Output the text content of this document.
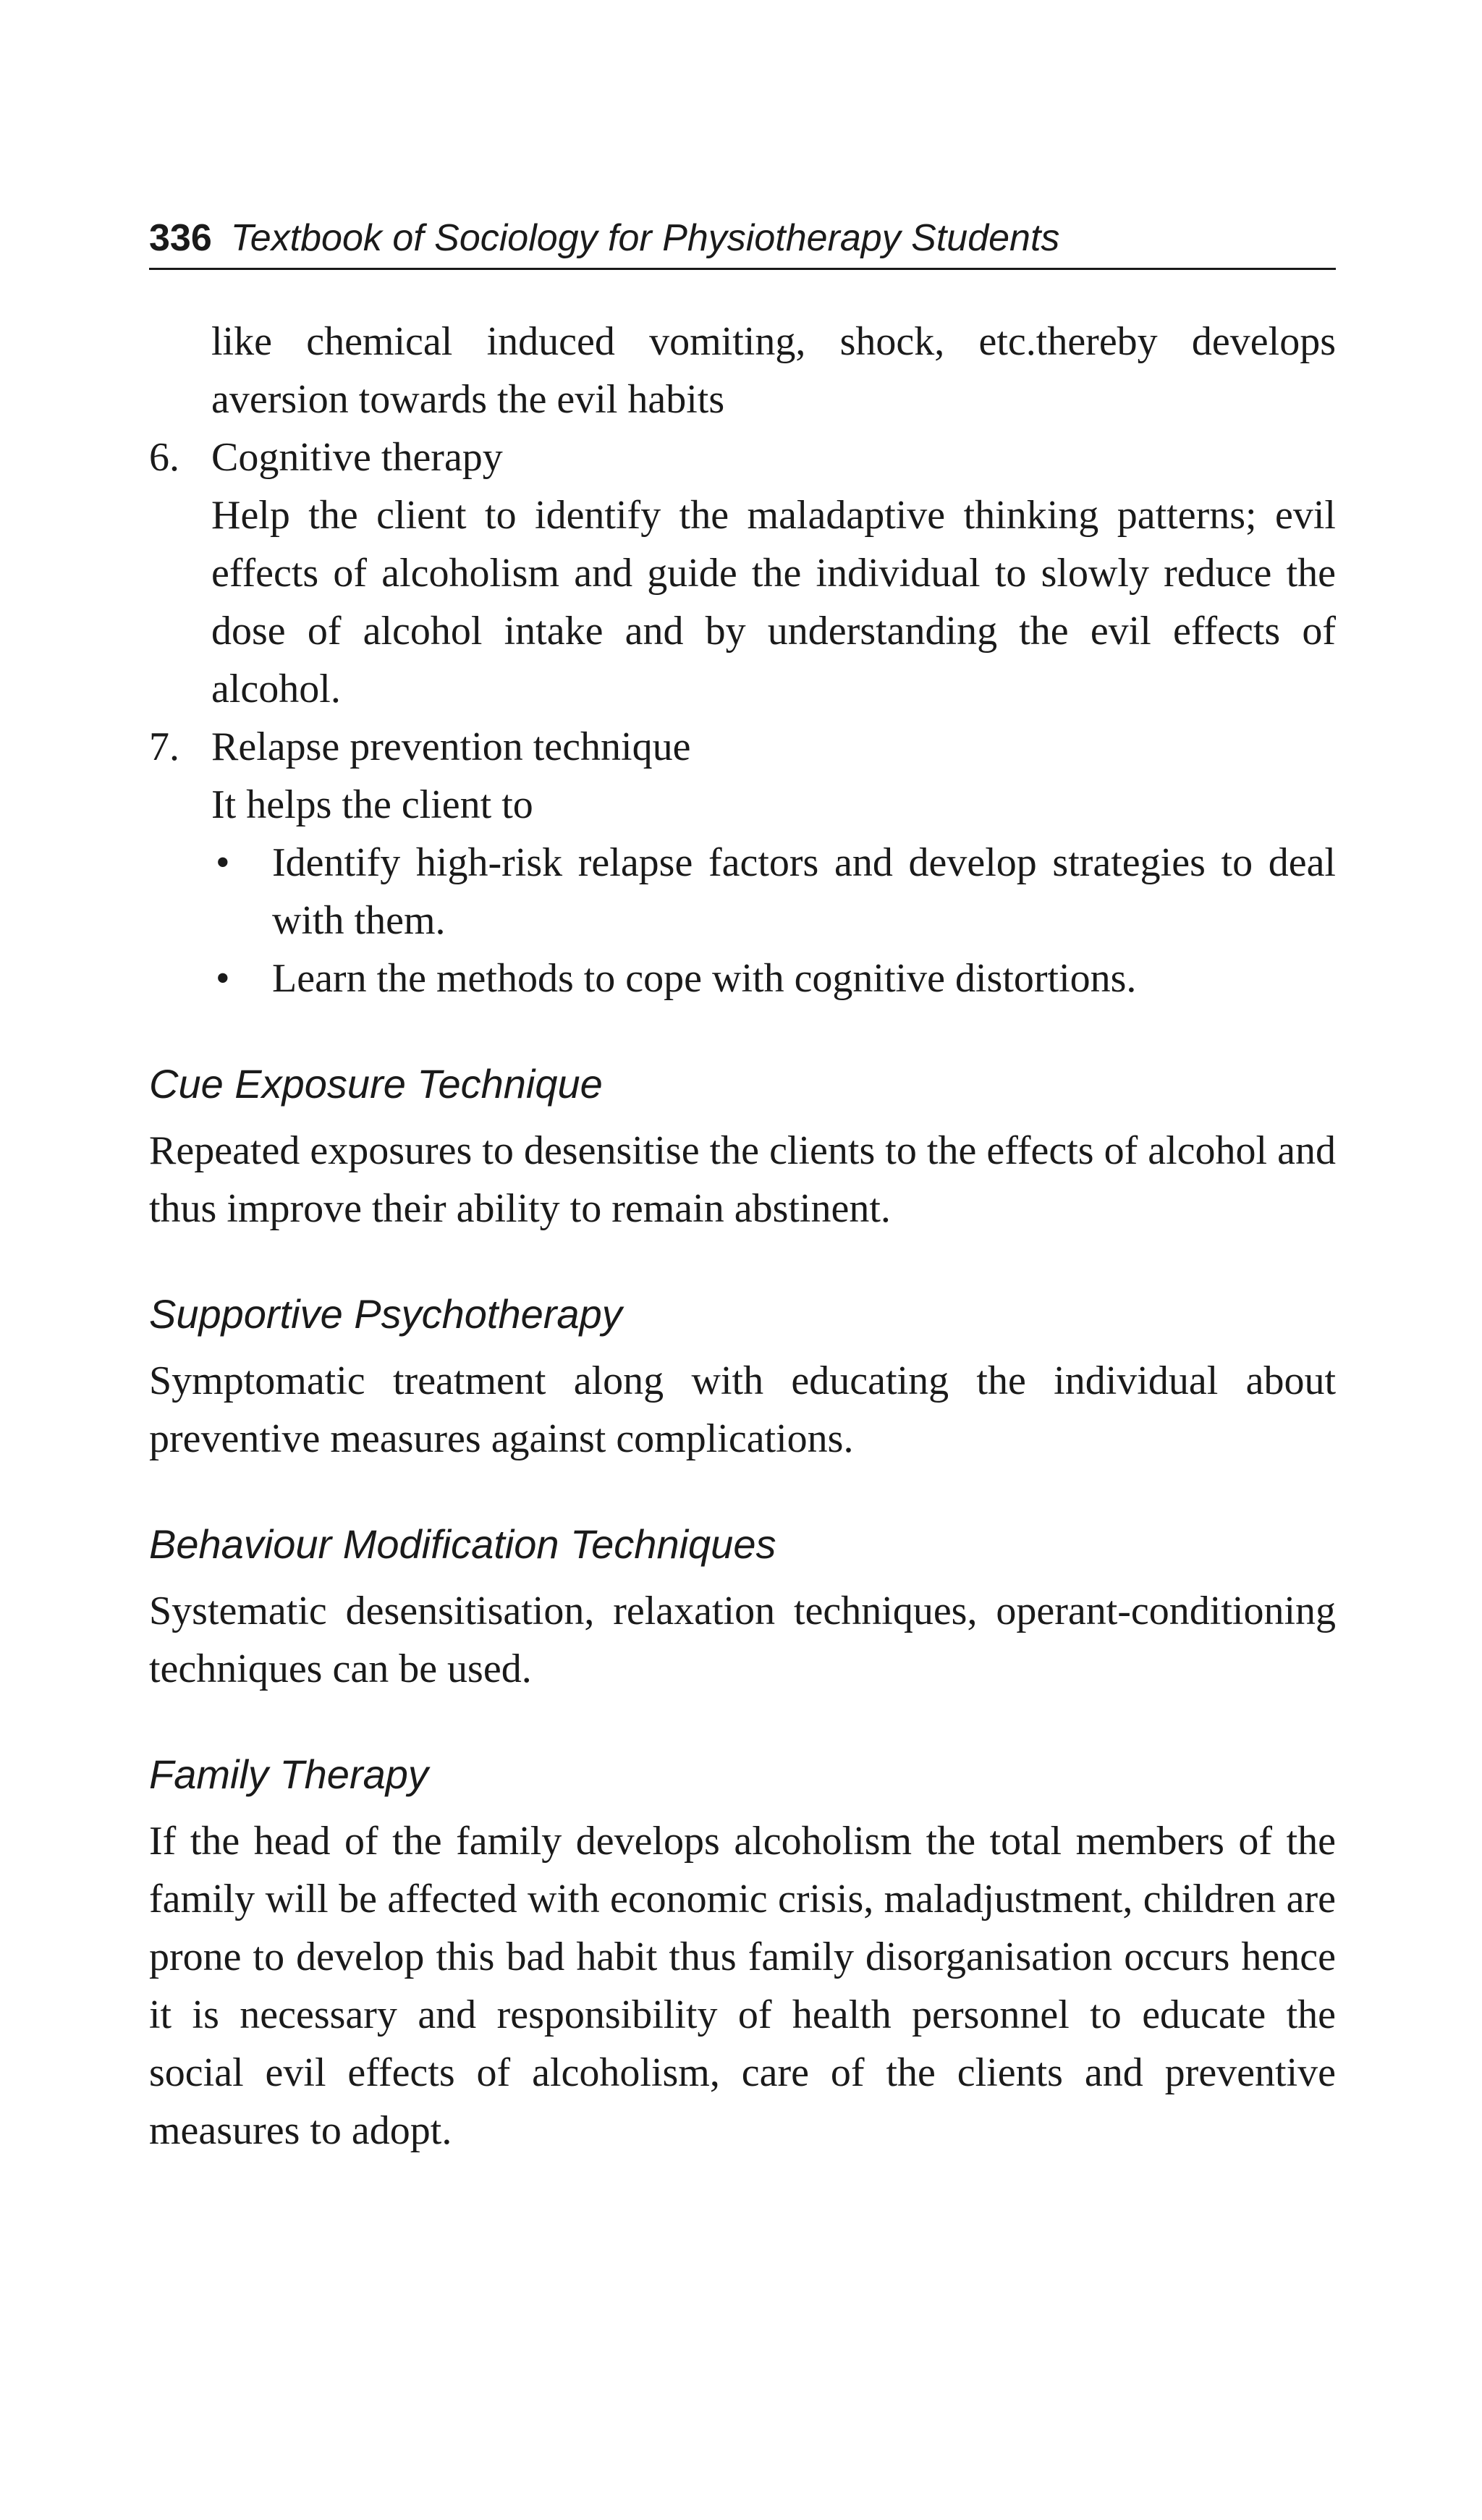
336 Textbook of Sociology for Physiotherapy Students

like chemical induced vomiting, shock, etc.thereby develops aversion towards the evil habits

6. Cognitive therapy

Help the client to identify the maladaptive thinking patterns; evil effects of alcoholism and guide the individual to slowly reduce the dose of alcohol intake and by understanding the evil effects of alcohol.

7. Relapse prevention technique

It helps the client to

• Identify high-risk relapse factors and develop strategies to deal with them.
• Learn the methods to cope with cognitive distortions.
Cue Exposure Technique

Repeated exposures to desensitise the clients to the effects of alcohol and thus improve their ability to remain abstinent.

Supportive Psychotherapy

Symptomatic treatment along with educating the individual about preventive measures against complications.

Behaviour Modification Techniques

Systematic desensitisation, relaxation techniques, operant-conditioning techniques can be used.

Family Therapy

If the head of the family develops alcoholism the total members of the family will be affected with economic crisis, maladjustment, children are prone to develop this bad habit thus family disorganisation occurs hence it is necessary and responsibility of health personnel to educate the social evil effects of alcoholism, care of the clients and preventive measures to adopt.
